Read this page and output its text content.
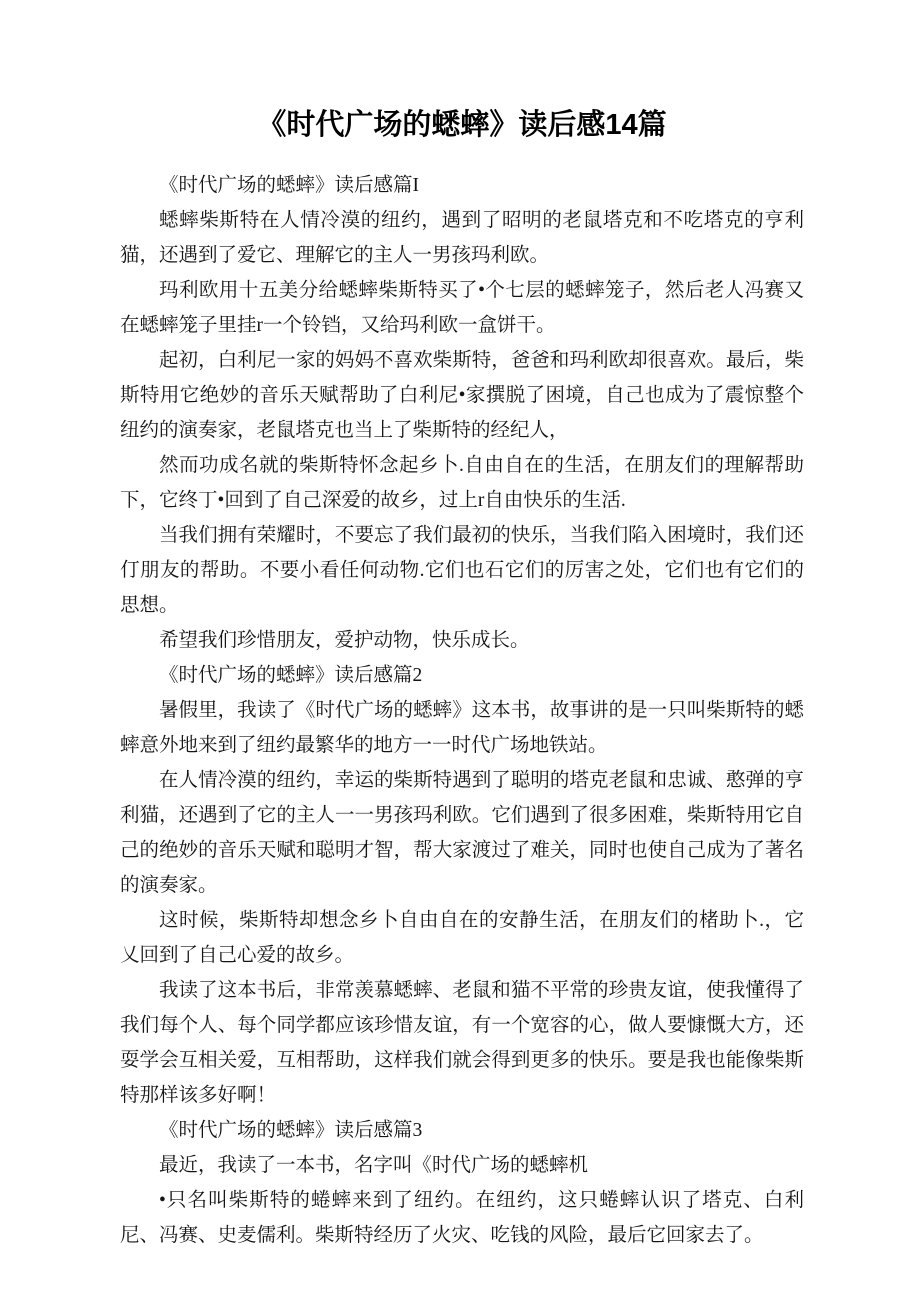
《时代广场的蟋蟀》读后感14篇

《时代广场的蟋蟀》读后感篇I

蟋蟀柴斯特在人情冷漠的纽约，遇到了昭明的老鼠塔克和不吃塔克的亨利猫，还遇到了爱它、理解它的主人一男孩玛利欧。

玛利欧用十五美分给蟋蟀柴斯特买了•个七层的蟋蟀笼子，然后老人冯赛又在蟋蟀笼子里挂r一个铃铛，又给玛利欧一盒饼干。

起初，白利尼一家的妈妈不喜欢柴斯特，爸爸和玛利欧却很喜欢。最后，柴斯特用它绝妙的音乐天赋帮助了白利尼•家撰脱了困境，自己也成为了震惊整个纽约的演奏家，老鼠塔克也当上了柴斯特的经纪人，

然而功成名就的柴斯特怀念起乡卜.自由自在的生活，在朋友们的理解帮助下，它终丁•回到了自己深爱的故乡，过上r自由快乐的生活.

当我们拥有荣耀时，不要忘了我们最初的快乐，当我们陷入困境时，我们还仃朋友的帮助。不要小看任何动物.它们也石它们的厉害之处，它们也有它们的思想。

希望我们珍惜朋友，爱护动物，快乐成长。

《时代广场的蟋蟀》读后感篇2

暑假里，我读了《时代广场的蟋蟀》这本书，故事讲的是一只叫柴斯特的蟋蟀意外地来到了纽约最繁华的地方一一时代广场地铁站。

在人情冷漠的纽约，幸运的柴斯特遇到了聪明的塔克老鼠和忠诚、憨弹的亨利猫，还遇到了它的主人一一男孩玛利欧。它们遇到了很多困难，柴斯特用它自己的绝妙的音乐天赋和聪明才智，帮大家渡过了难关，同时也使自己成为了著名的演奏家。

这时候，柴斯特却想念乡卜自由自在的安静生活，在朋友们的楮助卜.，它乂回到了自己心爱的故乡。

我读了这本书后，非常羡慕蟋蟀、老鼠和猫不平常的珍贵友谊，使我懂得了我们每个人、每个同学都应该珍惜友谊，有一个宽容的心，做人要慷慨大方，还耍学会互相关爱，互相帮助，这样我们就会得到更多的快乐。要是我也能像柴斯特那样该多好啊！

《时代广场的蟋蟀》读后感篇3

最近，我读了一本书，名字叫《时代广场的蟋蟀机

•只名叫柴斯特的蜷蟀来到了纽约。在纽约，这只蜷蟀认识了塔克、白利尼、冯赛、史麦儒利。柴斯特经历了火灾、吃钱的风险，最后它回家去了。
